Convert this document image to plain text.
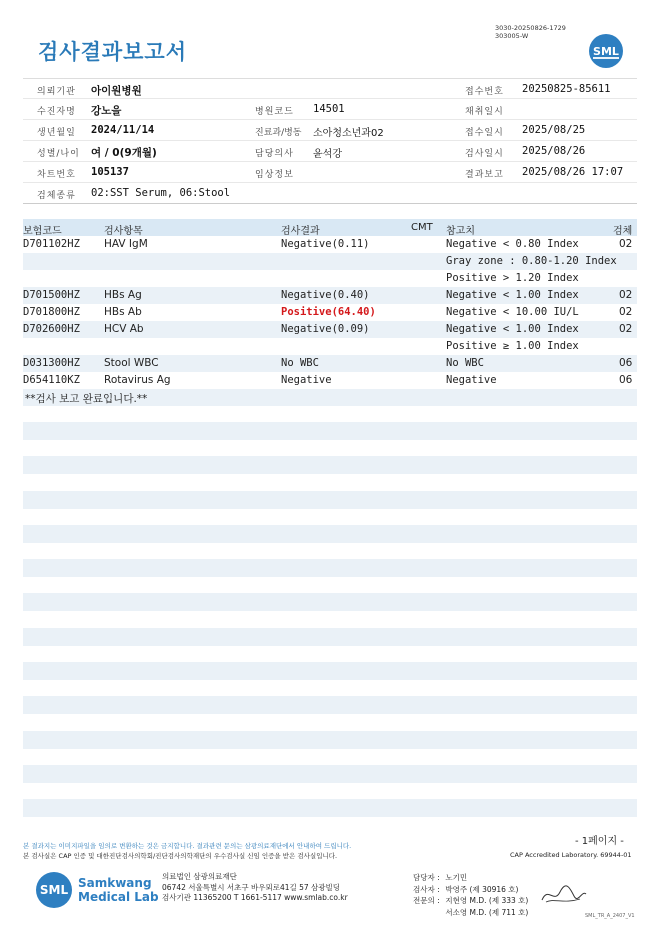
검사결과보고서
3030-20250826-1729
303005-W
SML
의뢰기관 아이원병원	접수번호 20250825-85611
수진자명 강노을	병원코드 14501	채취일시
생년월일 2024/11/14	진료과/병동 소아청소년과02	접수일시 2025/08/25
성별/나이 여 / 0(9개월)	담당의사 윤석강	검사일시 2025/08/26
차트번호 105137	임상정보	결과보고 2025/08/26 17:07
검체종류 02:SST Serum, 06:Stool
보험코드	검사항목	검사결과	CMT 참고치	검체
D701102HZ HAV IgM	Negative(0.11)	Negative < 0.80 Index	02
Gray zone : 0.80-1.20 Index
Positive > 1.20 Index
D701500HZ HBs Ag	Negative(0.40)	Negative < 1.00 Index	02
D701800HZ HBs Ab	Positive(64.40)	Negative < 10.00 IU/L	02
D702600HZ HCV Ab	Negative(0.09)	Negative < 1.00 Index	02
Positive ≥ 1.00 Index
D031300HZ Stool WBC	No WBC	No WBC	06
D654110KZ Rotavirus Ag	Negative	Negative	06
**검사 보고 완료입니다.**
- 1페이지 -
본 결과지는 이미지파일을 임의로 변환하는 것은 금지합니다. 결과관련 문의는 삼광의료재단에서 안내하여 드립니다.
본 검사실은 CAP 인증 및 대한진단검사의학회/진단검사의학재단의 우수검사실 신임 인증을 받은 검사실입니다.	CAP Accredited Laboratory. 69944-01
SML Samkwang
Medical Lab
의료법인 삼광의료재단
06742 서울특별시 서초구 바우뫼로41길 57 삼광빌딩
검사기관 11365200 T 1661-5117 www.smlab.co.kr
담당자 : 노기민
검사자 : 박영주 (제 30916 호)
전문의 : 지현영 M.D. (제 333 호)
서소영 M.D. (제 711 호)	SML_TR_A_2407_V1
